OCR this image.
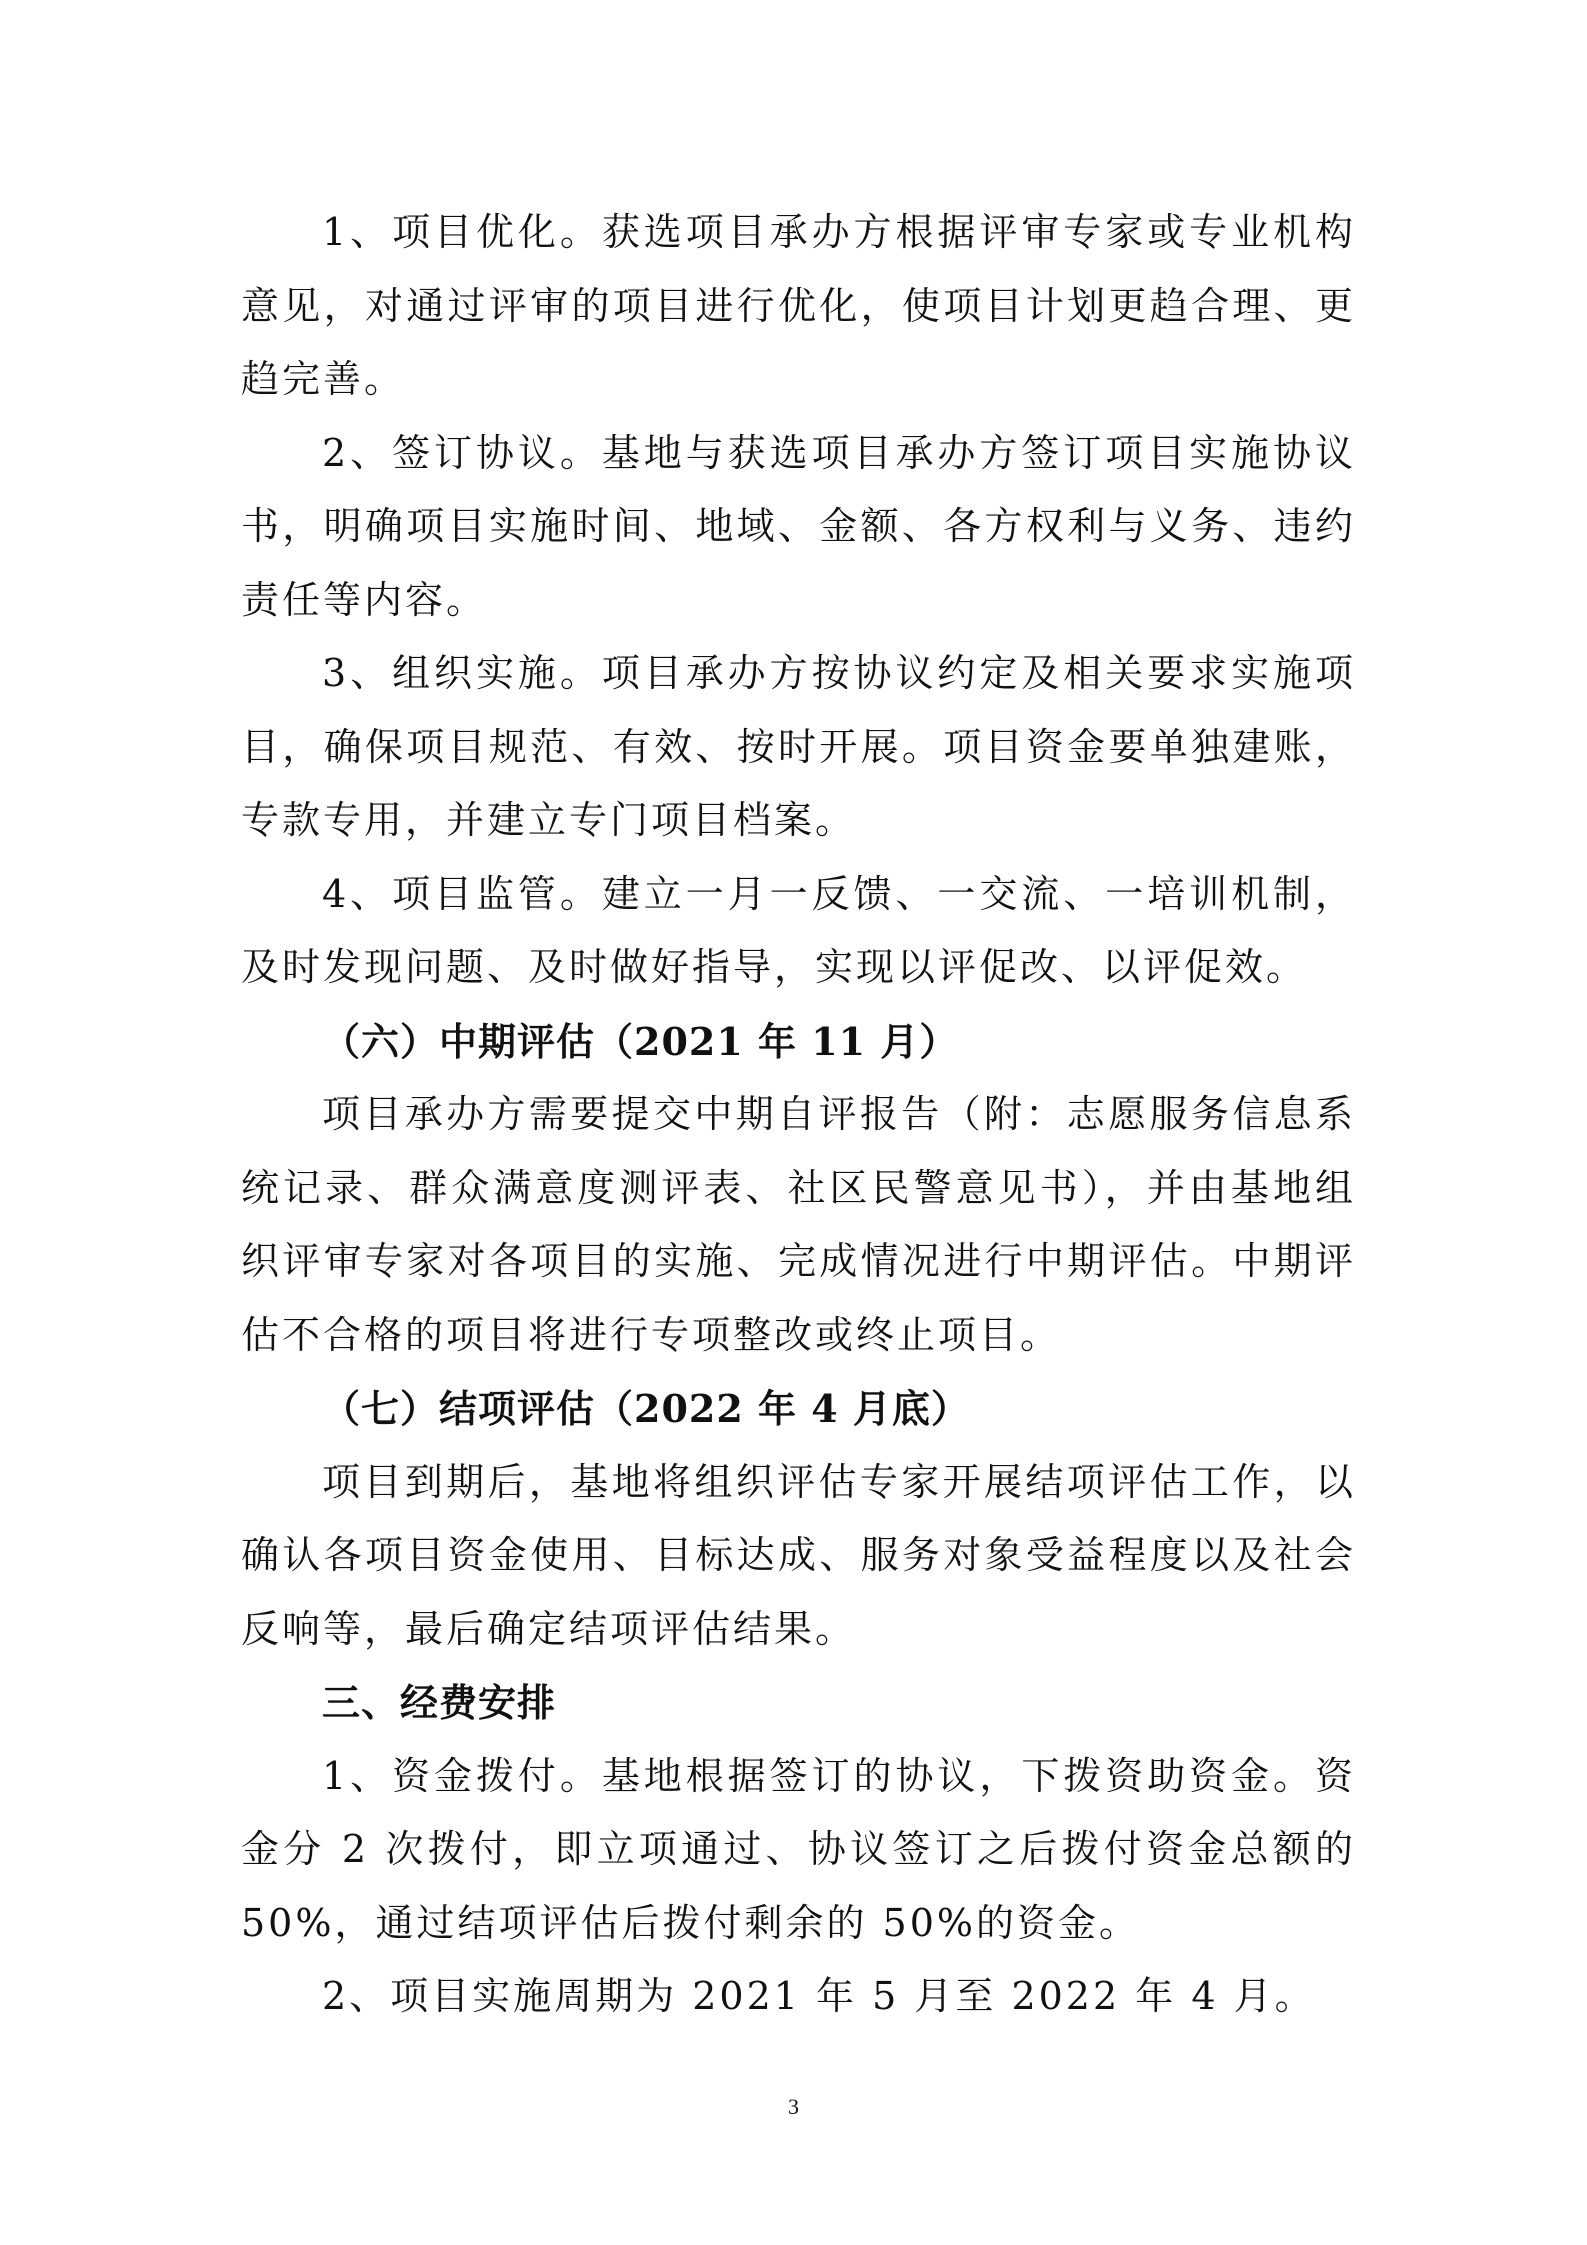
1、项目优化。获选项目承办方根据评审专家或专业机构意见，对通过评审的项目进行优化，使项目计划更趋合理、更趋完善。

2、签订协议。基地与获选项目承办方签订项目实施协议书，明确项目实施时间、地域、金额、各方权利与义务、违约责任等内容。

3、组织实施。项目承办方按协议约定及相关要求实施项目，确保项目规范、有效、按时开展。项目资金要单独建账，专款专用，并建立专门项目档案。

4、项目监管。建立一月一反馈、一交流、一培训机制，及时发现问题、及时做好指导，实现以评促改、以评促效。

（六）中期评估（2021 年 11 月）

项目承办方需要提交中期自评报告（附：志愿服务信息系统记录、群众满意度测评表、社区民警意见书），并由基地组织评审专家对各项目的实施、完成情况进行中期评估。中期评估不合格的项目将进行专项整改或终止项目。

（七）结项评估（2022 年 4 月底）

项目到期后，基地将组织评估专家开展结项评估工作，以确认各项目资金使用、目标达成、服务对象受益程度以及社会反响等，最后确定结项评估结果。

三、经费安排

1、资金拨付。基地根据签订的协议，下拨资助资金。资金分 2 次拨付，即立项通过、协议签订之后拨付资金总额的 50%，通过结项评估后拨付剩余的 50%的资金。

2、项目实施周期为 2021 年 5 月至 2022 年 4 月。

3
